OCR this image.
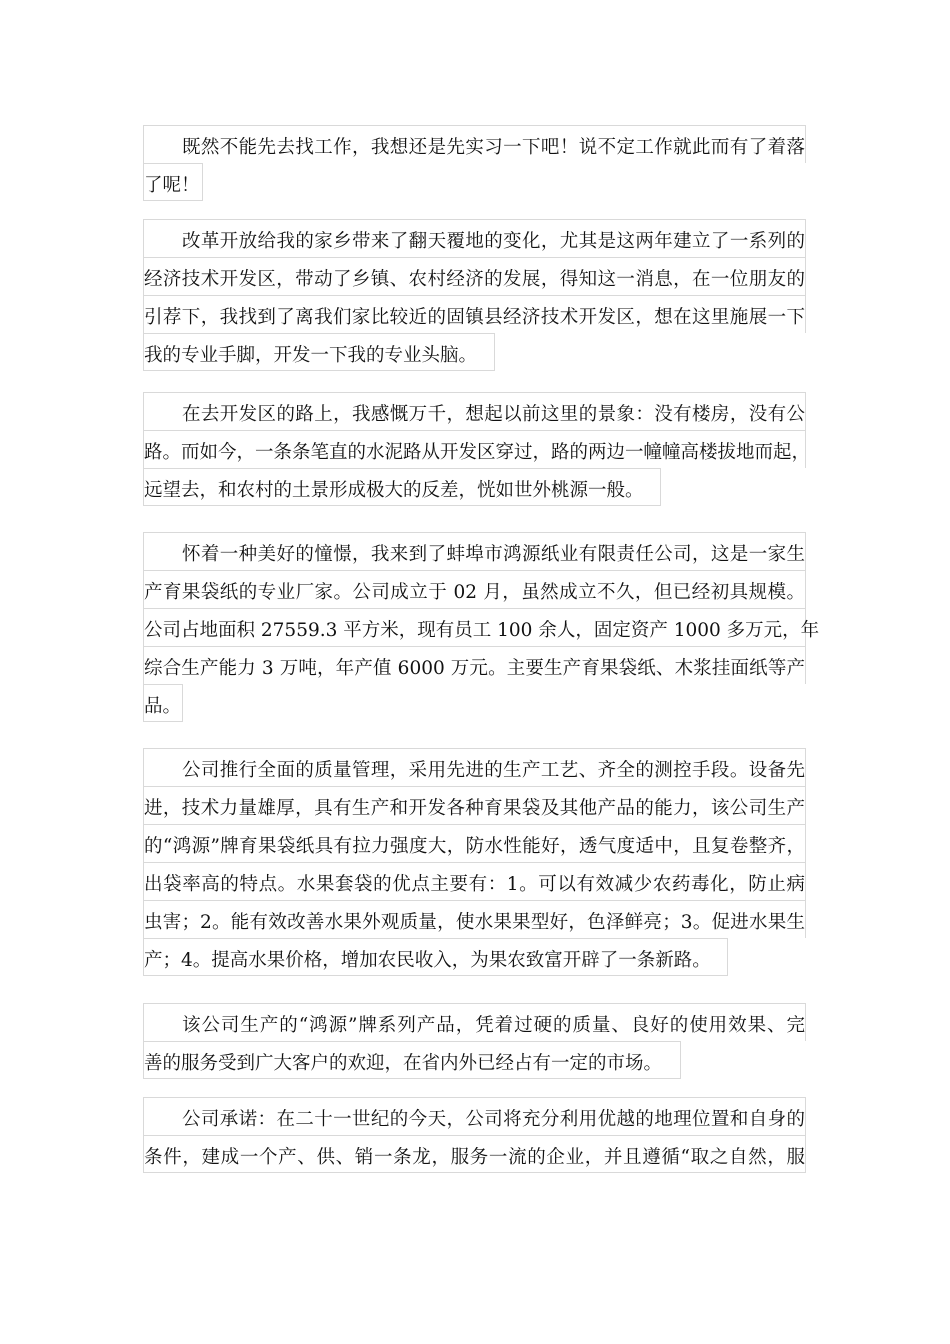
既然不能先去找工作，我想还是先实习一下吧！说不定工作就此而有了着落
了呢！
改革开放给我的家乡带来了翻天覆地的变化，尤其是这两年建立了一系列的
经济技术开发区，带动了乡镇、农村经济的发展，得知这一消息，在一位朋友的
引荐下，我找到了离我们家比较近的固镇县经济技术开发区，想在这里施展一下
我的专业手脚，开发一下我的专业头脑。
在去开发区的路上，我感慨万千，想起以前这里的景象：没有楼房，没有公
路。而如今，一条条笔直的水泥路从开发区穿过，路的两边一幢幢高楼拔地而起，
远望去，和农村的土景形成极大的反差，恍如世外桃源一般。
怀着一种美好的憧憬，我来到了蚌埠市鸿源纸业有限责任公司，这是一家生
产育果袋纸的专业厂家。公司成立于 02 月，虽然成立不久，但已经初具规模。
公司占地面积 27559.3 平方米，现有员工 100 余人，固定资产 1000 多万元，年
综合生产能力 3 万吨，年产值 6000 万元。主要生产育果袋纸、木浆挂面纸等产
品。
公司推行全面的质量管理，采用先进的生产工艺、齐全的测控手段。设备先
进，技术力量雄厚，具有生产和开发各种育果袋及其他产品的能力，该公司生产
的“鸿源”牌育果袋纸具有拉力强度大，防水性能好，透气度适中，且复卷整齐，
出袋率高的特点。水果套袋的优点主要有：1。可以有效减少农药毒化，防止病
虫害；2。能有效改善水果外观质量，使水果果型好，色泽鲜亮；3。促进水果生
产；4。提高水果价格，增加农民收入，为果农致富开辟了一条新路。
该公司生产的“鸿源”牌系列产品，凭着过硬的质量、良好的使用效果、完
善的服务受到广大客户的欢迎，在省内外已经占有一定的市场。
公司承诺：在二十一世纪的今天，公司将充分利用优越的地理位置和自身的
条件，建成一个产、供、销一条龙，服务一流的企业，并且遵循“取之自然，服
